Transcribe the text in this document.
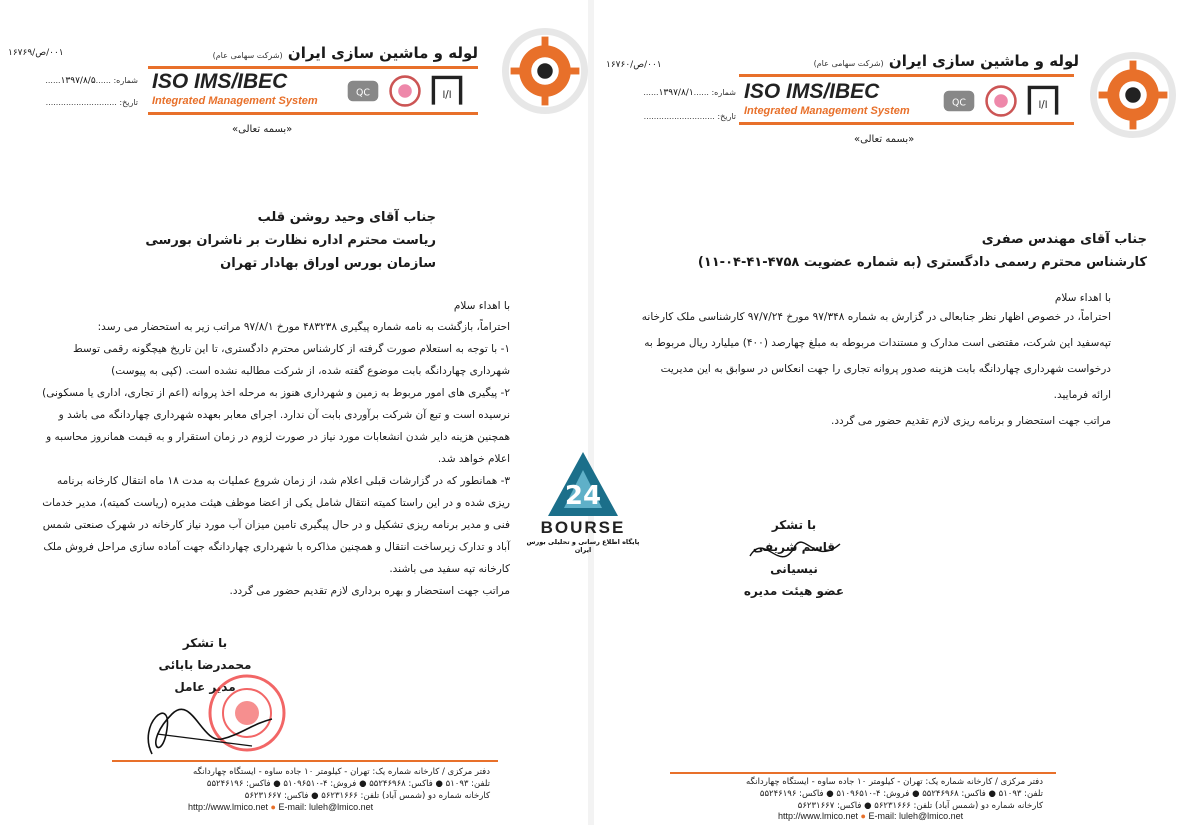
لوله و ماشین سازی ایران (شرکت سهامی عام)
ISO IMS/IBEC
Integrated Management System
QC	ا/ا
۰۰۱/ص/۱۶۷۶۹
شماره: ......۱۳۹۷/۸/۵......
تاریخ: ............................
«بسمه تعالی»
جناب آقای وحید روشن قلب
ریاست محترم اداره نظارت بر ناشران بورسی
سازمان بورس اوراق بهادار تهران
با اهداء سلام

احتراماً، بازگشت به نامه شماره پیگیری ۴۸۳۲۳۸ مورخ ۹۷/۸/۱ مراتب زیر به استحضار می رسد:

۱- با توجه به استعلام صورت گرفته از کارشناس محترم دادگستری، تا این تاریخ هیچگونه رقمی توسط شهرداری چهاردانگه بابت موضوع گفته شده، از شرکت مطالبه نشده است. (کپی به پیوست)

۲- پیگیری های امور مربوط به زمین و شهرداری هنوز به مرحله اخذ پروانه (اعم از تجاری، اداری یا مسکونی) نرسیده است و تبع آن شرکت برآوردی بابت آن ندارد. اجرای معابر بعهده شهرداری چهاردانگه می باشد و همچنین هزینه دایر شدن انشعابات مورد نیاز در صورت لزوم در زمان استقرار و به قیمت همانروز محاسبه و اعلام خواهد شد.

۳- همانطور که در گزارشات قبلی اعلام شد، از زمان شروع عملیات به مدت ۱۸ ماه انتقال کارخانه برنامه ریزی شده و در این راستا کمیته انتقال شامل یکی از اعضا موظف هیئت مدیره (ریاست کمیته)، مدیر خدمات فنی و مدیر برنامه ریزی تشکیل و در حال پیگیری تامین میزان آب مورد نیاز کارخانه در شهرک صنعتی شمس آباد و تدارک زیرساخت انتقال و همچنین مذاکره با شهرداری چهاردانگه جهت آماده سازی مراحل فروش ملک کارخانه تپه سفید می باشند.

مراتب جهت استحضار و بهره برداری لازم تقدیم حضور می گردد.

با تشکر
محمدرضا بابائی
مدیر عامل
دفتر مرکزی / کارخانه شماره یک: تهران - کیلومتر ۱۰ جاده ساوه - ایستگاه چهاردانگه
تلفن: ۵۱۰۹۳ ● فاکس: ۵۵۲۴۶۹۶۸ ● فروش: ۴-۵۱۰۹۶۵۱۰ ● فاکس: ۵۵۲۴۶۱۹۶
کارخانه شماره دو (شمس آباد) تلفن: ۵۶۲۳۱۶۶۶ ● فاکس: ۵۶۲۳۱۶۶۷
http://www.lmico.net ● E-mail: luleh@lmico.net
لوله و ماشین سازی ایران (شرکت سهامی عام)
ISO IMS/IBEC
Integrated Management System
QC	ا/ا
۰۰۱/ص/۱۶۷۶۰
شماره: ......۱۳۹۷/۸/۱......
تاریخ: ............................
«بسمه تعالی»
جناب آقای مهندس صفری
کارشناس محترم رسمی دادگستری (به شماره عضویت ۴۷۵۸-۴۱-۰۴-۱۱)
با اهداء سلام

احتراماً، در خصوص اظهار نظر جنابعالی در گزارش به شماره ۹۷/۳۴۸ مورخ ۹۷/۷/۲۴ کارشناسی ملک کارخانه تپه‌سفید این شرکت، مقتضی است مدارک و مستندات مربوطه به مبلغ چهارصد (۴۰۰) میلیارد ریال مربوط به درخواست شهرداری چهاردانگه بابت هزینه صدور پروانه تجاری را جهت انعکاس در سوابق به این مدیریت ارائه فرمایید.

مراتب جهت استحضار و برنامه ریزی لازم تقدیم حضور می گردد.

با تشکر
قاسم شریفی نیسیانی
عضو هیئت مدیره
دفتر مرکزی / کارخانه شماره یک: تهران - کیلومتر ۱۰ جاده ساوه - ایستگاه چهاردانگه
تلفن: ۵۱۰۹۳ ● فاکس: ۵۵۲۴۶۹۶۸ ● فروش: ۴-۵۱۰۹۶۵۱۰ ● فاکس: ۵۵۲۴۶۱۹۶
کارخانه شماره دو (شمس آباد) تلفن: ۵۶۲۳۱۶۶۶ ● فاکس: ۵۶۲۳۱۶۶۷
http://www.lmico.net ● E-mail: luleh@lmico.net
24
BOURSE
پایگاه اطلاع رسانی و تحلیلی بورس ایران
